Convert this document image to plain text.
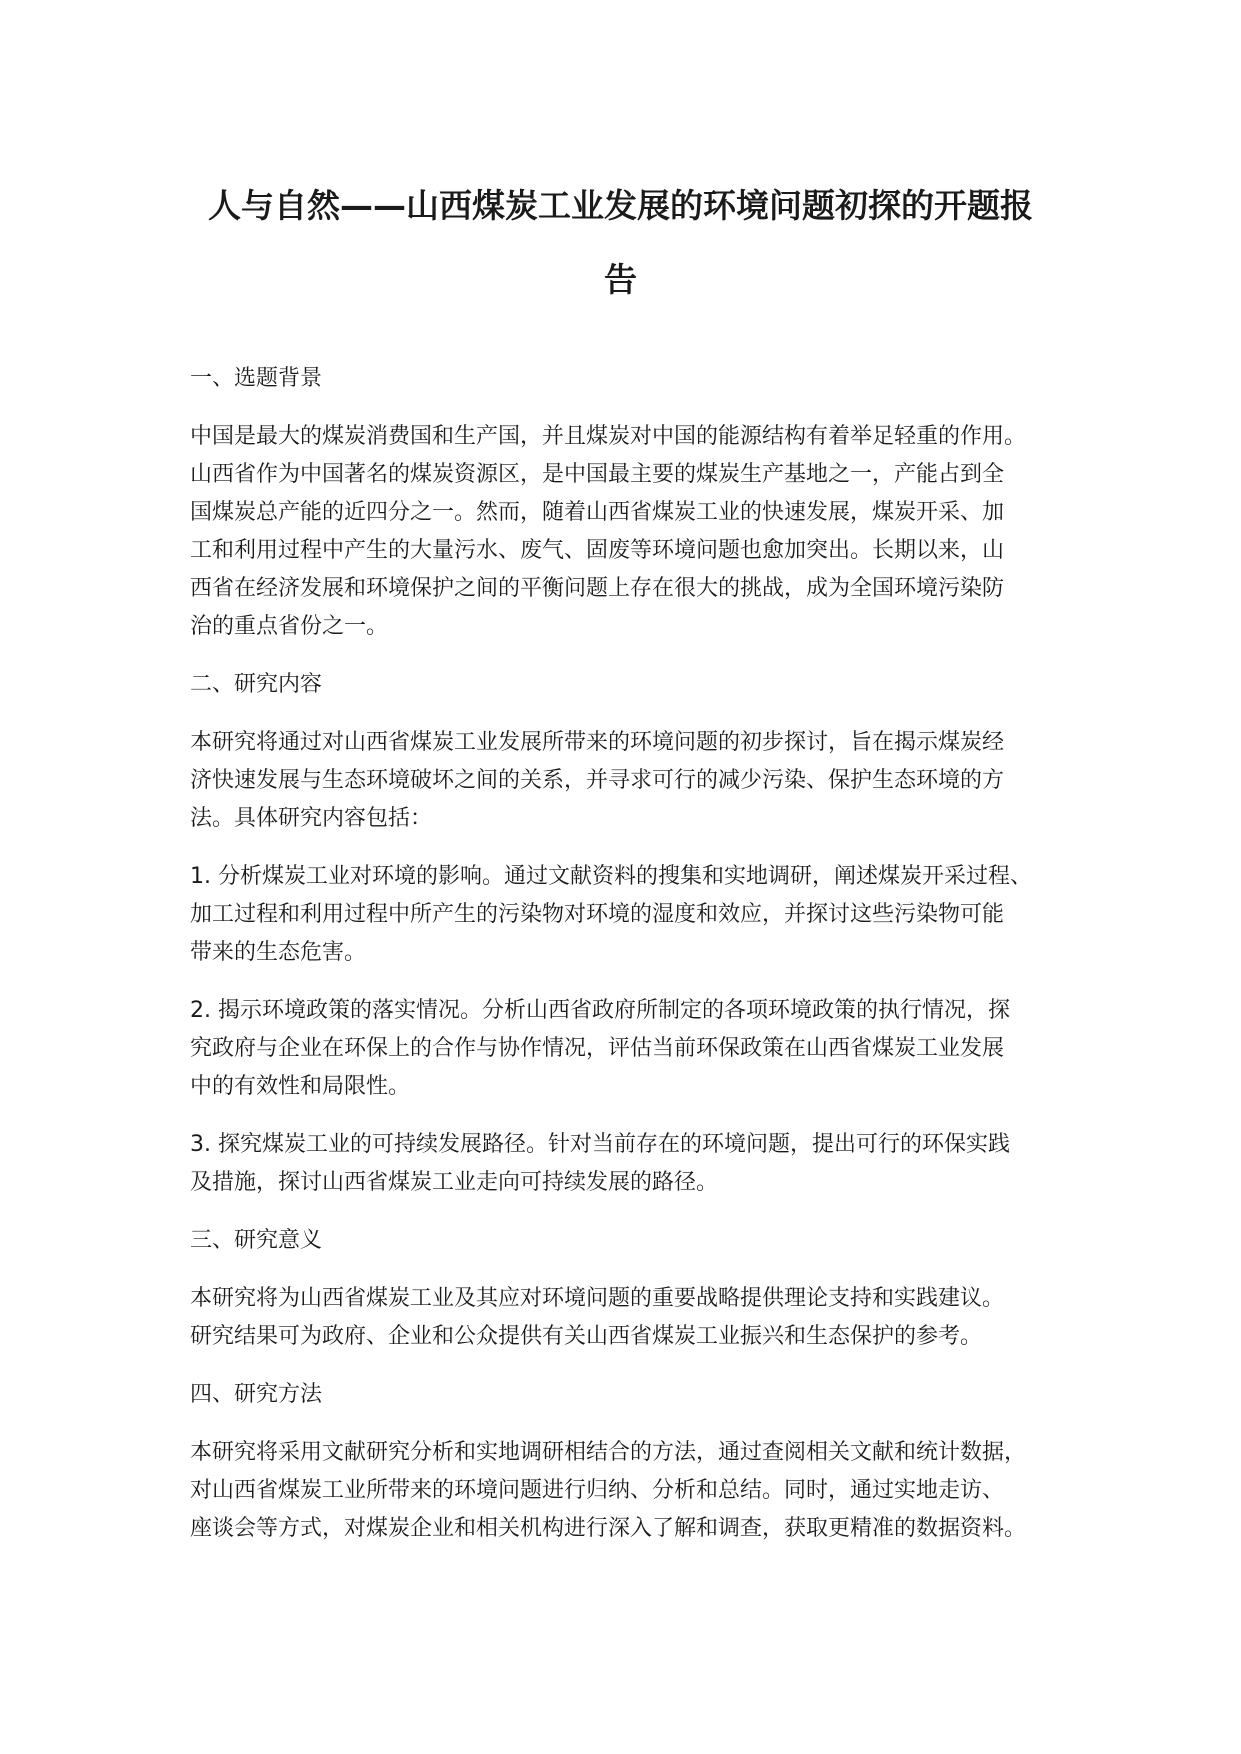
人与自然——山西煤炭工业发展的环境问题初探的开题报
告
一、选题背景
中国是最大的煤炭消费国和生产国，并且煤炭对中国的能源结构有着举足轻重的作用。
山西省作为中国著名的煤炭资源区，是中国最主要的煤炭生产基地之一，产能占到全
国煤炭总产能的近四分之一。然而，随着山西省煤炭工业的快速发展，煤炭开采、加
工和利用过程中产生的大量污水、废气、固废等环境问题也愈加突出。长期以来，山
西省在经济发展和环境保护之间的平衡问题上存在很大的挑战，成为全国环境污染防
治的重点省份之一。
二、研究内容
本研究将通过对山西省煤炭工业发展所带来的环境问题的初步探讨，旨在揭示煤炭经
济快速发展与生态环境破坏之间的关系，并寻求可行的减少污染、保护生态环境的方
法。具体研究内容包括：
1. 分析煤炭工业对环境的影响。通过文献资料的搜集和实地调研，阐述煤炭开采过程、
加工过程和利用过程中所产生的污染物对环境的湿度和效应，并探讨这些污染物可能
带来的生态危害。
2. 揭示环境政策的落实情况。分析山西省政府所制定的各项环境政策的执行情况，探
究政府与企业在环保上的合作与协作情况，评估当前环保政策在山西省煤炭工业发展
中的有效性和局限性。
3. 探究煤炭工业的可持续发展路径。针对当前存在的环境问题，提出可行的环保实践
及措施，探讨山西省煤炭工业走向可持续发展的路径。
三、研究意义
本研究将为山西省煤炭工业及其应对环境问题的重要战略提供理论支持和实践建议。
研究结果可为政府、企业和公众提供有关山西省煤炭工业振兴和生态保护的参考。
四、研究方法
本研究将采用文献研究分析和实地调研相结合的方法，通过查阅相关文献和统计数据，
对山西省煤炭工业所带来的环境问题进行归纳、分析和总结。同时，通过实地走访、
座谈会等方式，对煤炭企业和相关机构进行深入了解和调查，获取更精准的数据资料。
